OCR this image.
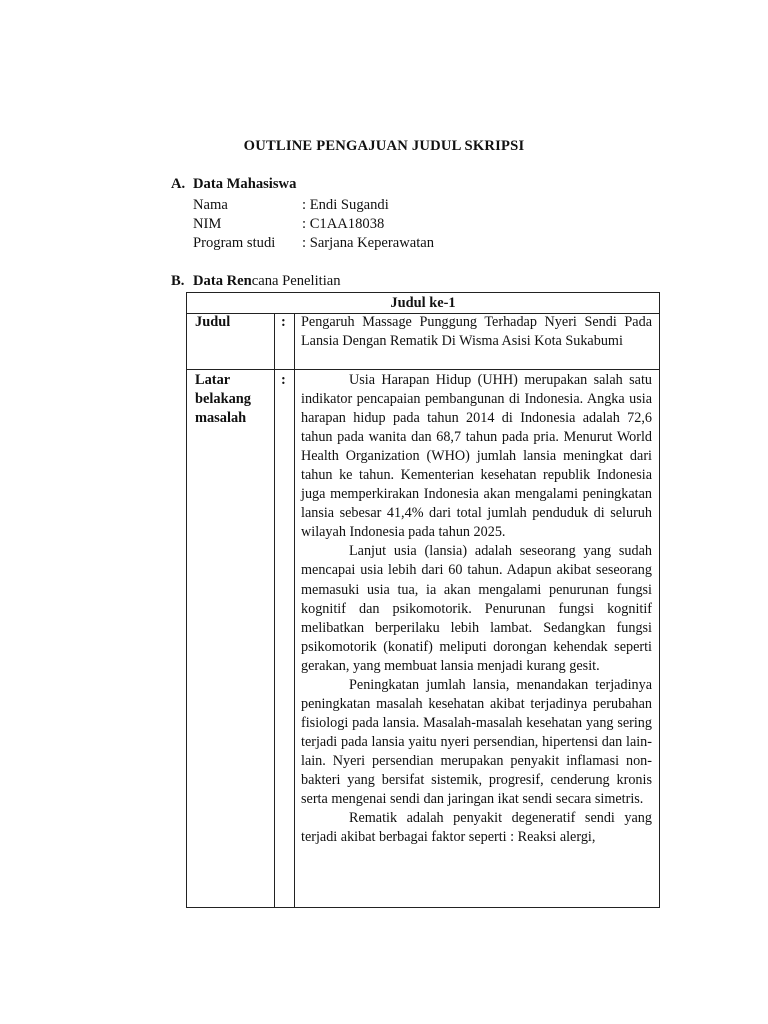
OUTLINE PENGAJUAN JUDUL SKRIPSI
A. Data Mahasiswa
Nama	: Endi Sugandi
NIM	: C1AA18038
Program studi	: Sarjana Keperawatan
B. Data Rencana Penelitian
Judul ke-1
Judul	:	Pengaruh Massage Punggung Terhadap Nyeri Sendi Pada Lansia Dengan Rematik Di Wisma Asisi Kota Sukabumi

Latar belakang masalah
:	Usia Harapan Hidup (UHH) merupakan salah satu indikator pencapaian pembangunan di Indonesia. Angka usia harapan hidup pada tahun 2014 di Indonesia adalah 72,6 tahun pada wanita dan 68,7 tahun pada pria. Menurut World Health Organization (WHO) jumlah lansia meningkat dari tahun ke tahun. Kementerian kesehatan republik Indonesia juga memperkirakan Indonesia akan mengalami peningkatan lansia sebesar 41,4% dari total jumlah penduduk di seluruh wilayah Indonesia pada tahun 2025.

Lanjut usia (lansia) adalah seseorang yang sudah mencapai usia lebih dari 60 tahun. Adapun akibat seseorang memasuki usia tua, ia akan mengalami penurunan fungsi kognitif dan psikomotorik. Penurunan fungsi kognitif melibatkan berperilaku lebih lambat. Sedangkan fungsi psikomotorik (konatif) meliputi dorongan kehendak seperti gerakan, yang membuat lansia menjadi kurang gesit.

Peningkatan jumlah lansia, menandakan terjadinya peningkatan masalah kesehatan akibat terjadinya perubahan fisiologi pada lansia. Masalah-masalah kesehatan yang sering terjadi pada lansia yaitu nyeri persendian, hipertensi dan lain-lain. Nyeri persendian merupakan penyakit inflamasi non-bakteri yang bersifat sistemik, progresif, cenderung kronis serta mengenai sendi dan jaringan ikat sendi secara simetris.

Rematik adalah penyakit degeneratif sendi yang terjadi akibat berbagai faktor seperti : Reaksi alergi,
